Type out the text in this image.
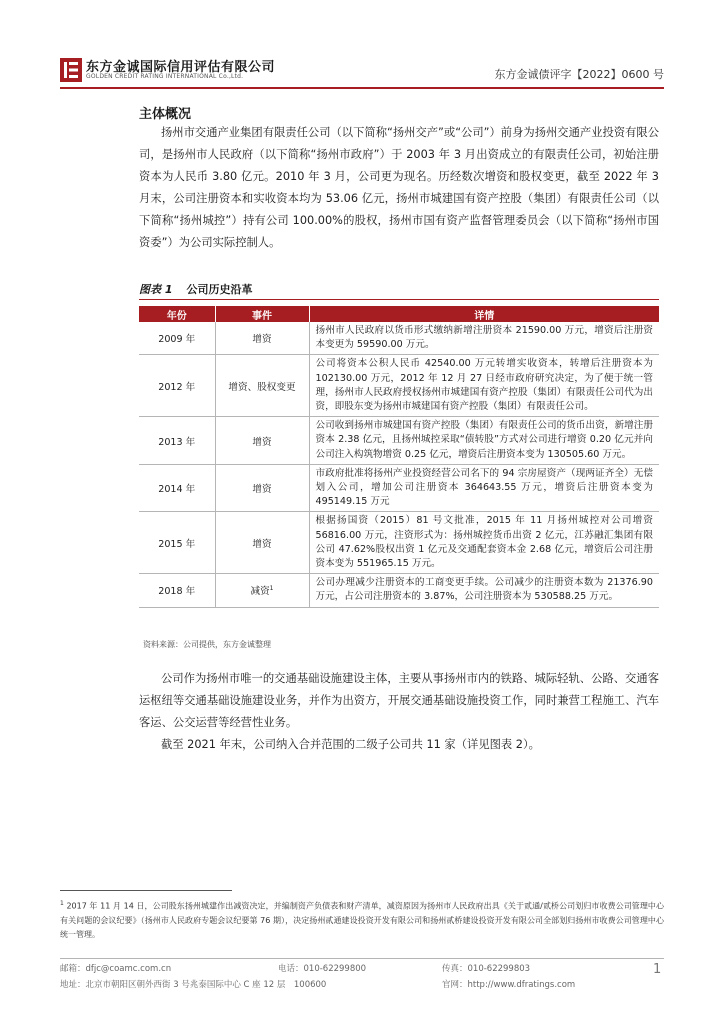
东方金诚国际信用评估有限公司
GOLDEN CREDIT RATING INTERNATIONAL Co.,Ltd.	东方金诚债评字【2022】0600 号
主体概况

扬州市交通产业集团有限责任公司（以下简称“扬州交产”或“公司”）前身为扬州交通产业投资有限公司，是扬州市人民政府（以下简称“扬州市政府”）于 2003 年 3 月出资成立的有限责任公司，初始注册资本为人民币 3.80 亿元。2010 年 3 月，公司更为现名。历经数次增资和股权变更，截至 2022 年 3 月末，公司注册资本和实收资本均为 53.06 亿元，扬州市城建国有资产控股（集团）有限责任公司（以下简称“扬州城控”）持有公司 100.00%的股权，扬州市国有资产监督管理委员会（以下简称“扬州市国资委”）为公司实际控制人。

图表 1 公司历史沿革
年份	事件	详情
2009 年	增资	扬州市人民政府以货币形式缴纳新增注册资本 21590.00 万元，增资后注册资本变更为 59590.00 万元。
2012 年	增资、股权变更	公司将资本公积人民币 42540.00 万元转增实收资本，转增后注册资本为 102130.00 万元，2012 年 12 月 27 日经市政府研究决定，为了便于统一管理，扬州市人民政府授权扬州市城建国有资产控股（集团）有限责任公司代为出资，即股东变为扬州市城建国有资产控股（集团）有限责任公司。
2013 年	增资	公司收到扬州市城建国有资产控股（集团）有限责任公司的货币出资，新增注册资本 2.38 亿元，且扬州城控采取“债转股”方式对公司进行增资 0.20 亿元并向公司注入构筑物增资 0.25 亿元，增资后注册资本变为 130505.60 万元。
2014 年	增资	市政府批准将扬州产业投资经营公司名下的 94 宗房屋资产（现两证齐全）无偿划入公司，增加公司注册资本 364643.55 万元，增资后注册资本变为 495149.15 万元
2015 年	增资	根据扬国资（2015）81 号文批准，2015 年 11 月扬州城控对公司增资 56816.00 万元，注资形式为：扬州城控货币出资 2 亿元，江苏融汇集团有限公司 47.62%股权出资 1 亿元及交通配套资本金 2.68 亿元，增资后公司注册资本变为 551965.15 万元。
2018 年	减资$^1$	公司办理减少注册资本的工商变更手续。公司减少的注册资本数为 21376.90 万元，占公司注册资本的 3.87%，公司注册资本为 530588.25 万元。
资料来源：公司提供，东方金诚整理

公司作为扬州市唯一的交通基础设施建设主体，主要从事扬州市内的铁路、城际轻轨、公路、交通客运枢纽等交通基础设施建设业务，并作为出资方，开展交通基础设施投资工作，同时兼营工程施工、汽车客运、公交运营等经营性业务。

截至 2021 年末，公司纳入合并范围的二级子公司共 11 家（详见图表 2）。

$^1$ 2017 年 11 月 14 日，公司股东扬州城建作出减资决定，并编制资产负债表和财产清单，减资原因为扬州市人民政府出具《关于贰通/贰桥公司划归市收费公司管理中心有关问题的会议纪要》（扬州市人民政府专题会议纪要第 76 期），决定扬州贰通建设投资开发有限公司和扬州贰桥建设投资开发有限公司全部划归扬州市收费公司管理中心统一管理。
邮箱：dfjc@coamc.com.cn	电话：010-62299800	传真：010-62299803
地址：北京市朝阳区朝外西街 3 号兆泰国际中心 C 座 12 层　100600	官网：http://www.dfratings.com
1
